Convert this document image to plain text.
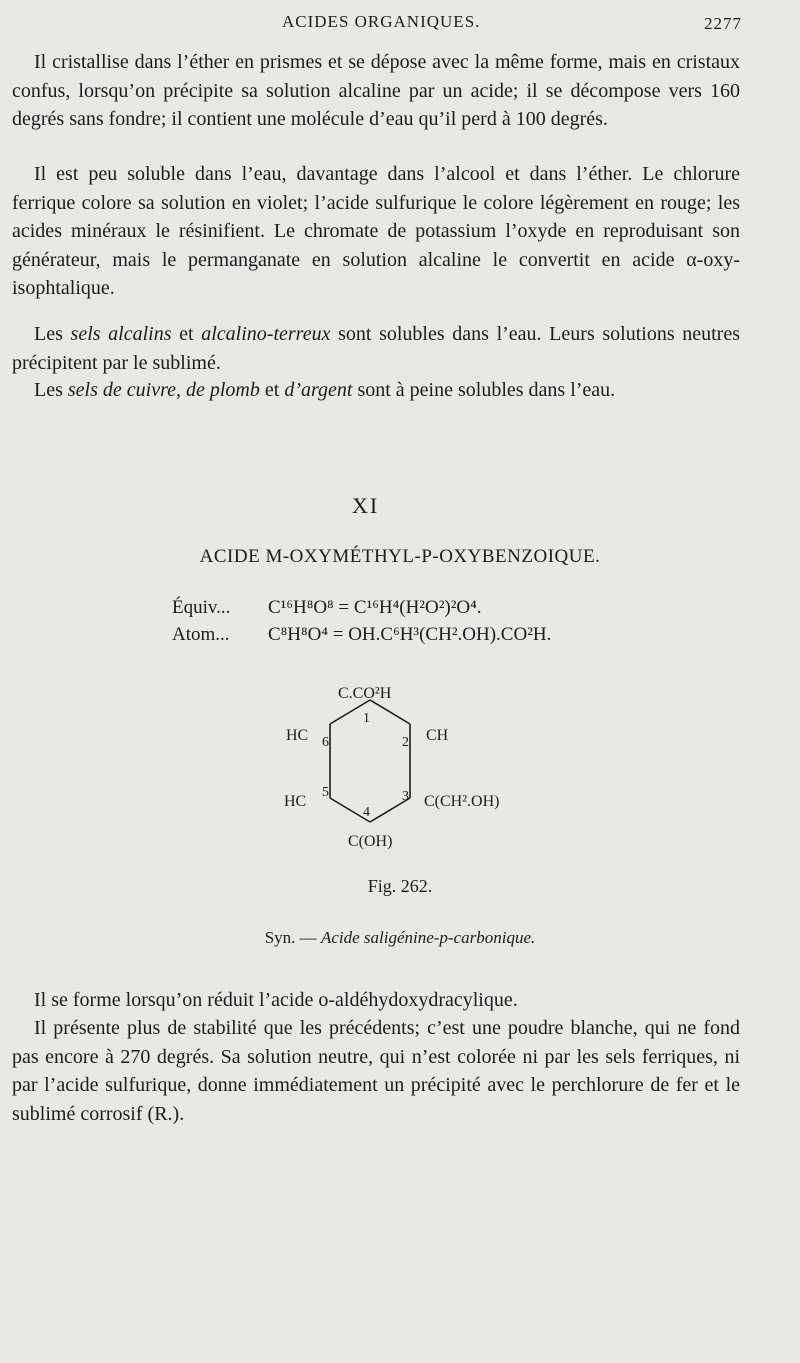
ACIDES ORGANIQUES.	2277

Il cristallise dans l’éther en prismes et se dépose avec la même forme, mais en cristaux confus, lorsqu’on précipite sa solution alcaline par un acide; il se décompose vers 160 degrés sans fondre; il contient une molécule d’eau qu’il perd à 100 degrés.

Il est peu soluble dans l’eau, davantage dans l’alcool et dans l’éther. Le chlorure ferrique colore sa solution en violet; l’acide sulfurique le colore légèrement en rouge; les acides minéraux le résinifient. Le chromate de potassium l’oxyde en reproduisant son générateur, mais le permanganate en solution alcaline le convertit en acide α-oxy-isophtalique.

Les sels alcalins et alcalino-terreux sont solubles dans l’eau. Leurs solutions neutres précipitent par le sublimé.

Les sels de cuivre, de plomb et d’argent sont à peine solubles dans l’eau.

XI
ACIDE M-OXYMÉTHYL-P-OXYBENZOIQUE.
Équiv... C¹⁶H⁸O⁸ = C¹⁶H⁴(H²O²)²O⁴.
Atom... C⁸H⁸O⁴ = OH.C⁶H³(CH².OH).CO²H.
C.CO²H
HC	CH
HC	C(CH².OH)
C(OH)
1
2
3
4
5
6
Fig. 262.
Syn. — Acide saligénine-p-carbonique.

Il se forme lorsqu’on réduit l’acide o-aldéhydoxydracylique.

Il présente plus de stabilité que les précédents; c’est une poudre blanche, qui ne fond pas encore à 270 degrés. Sa solution neutre, qui n’est colorée ni par les sels ferriques, ni par l’acide sulfurique, donne immédiatement un précipité avec le perchlorure de fer et le sublimé corrosif (R.).
